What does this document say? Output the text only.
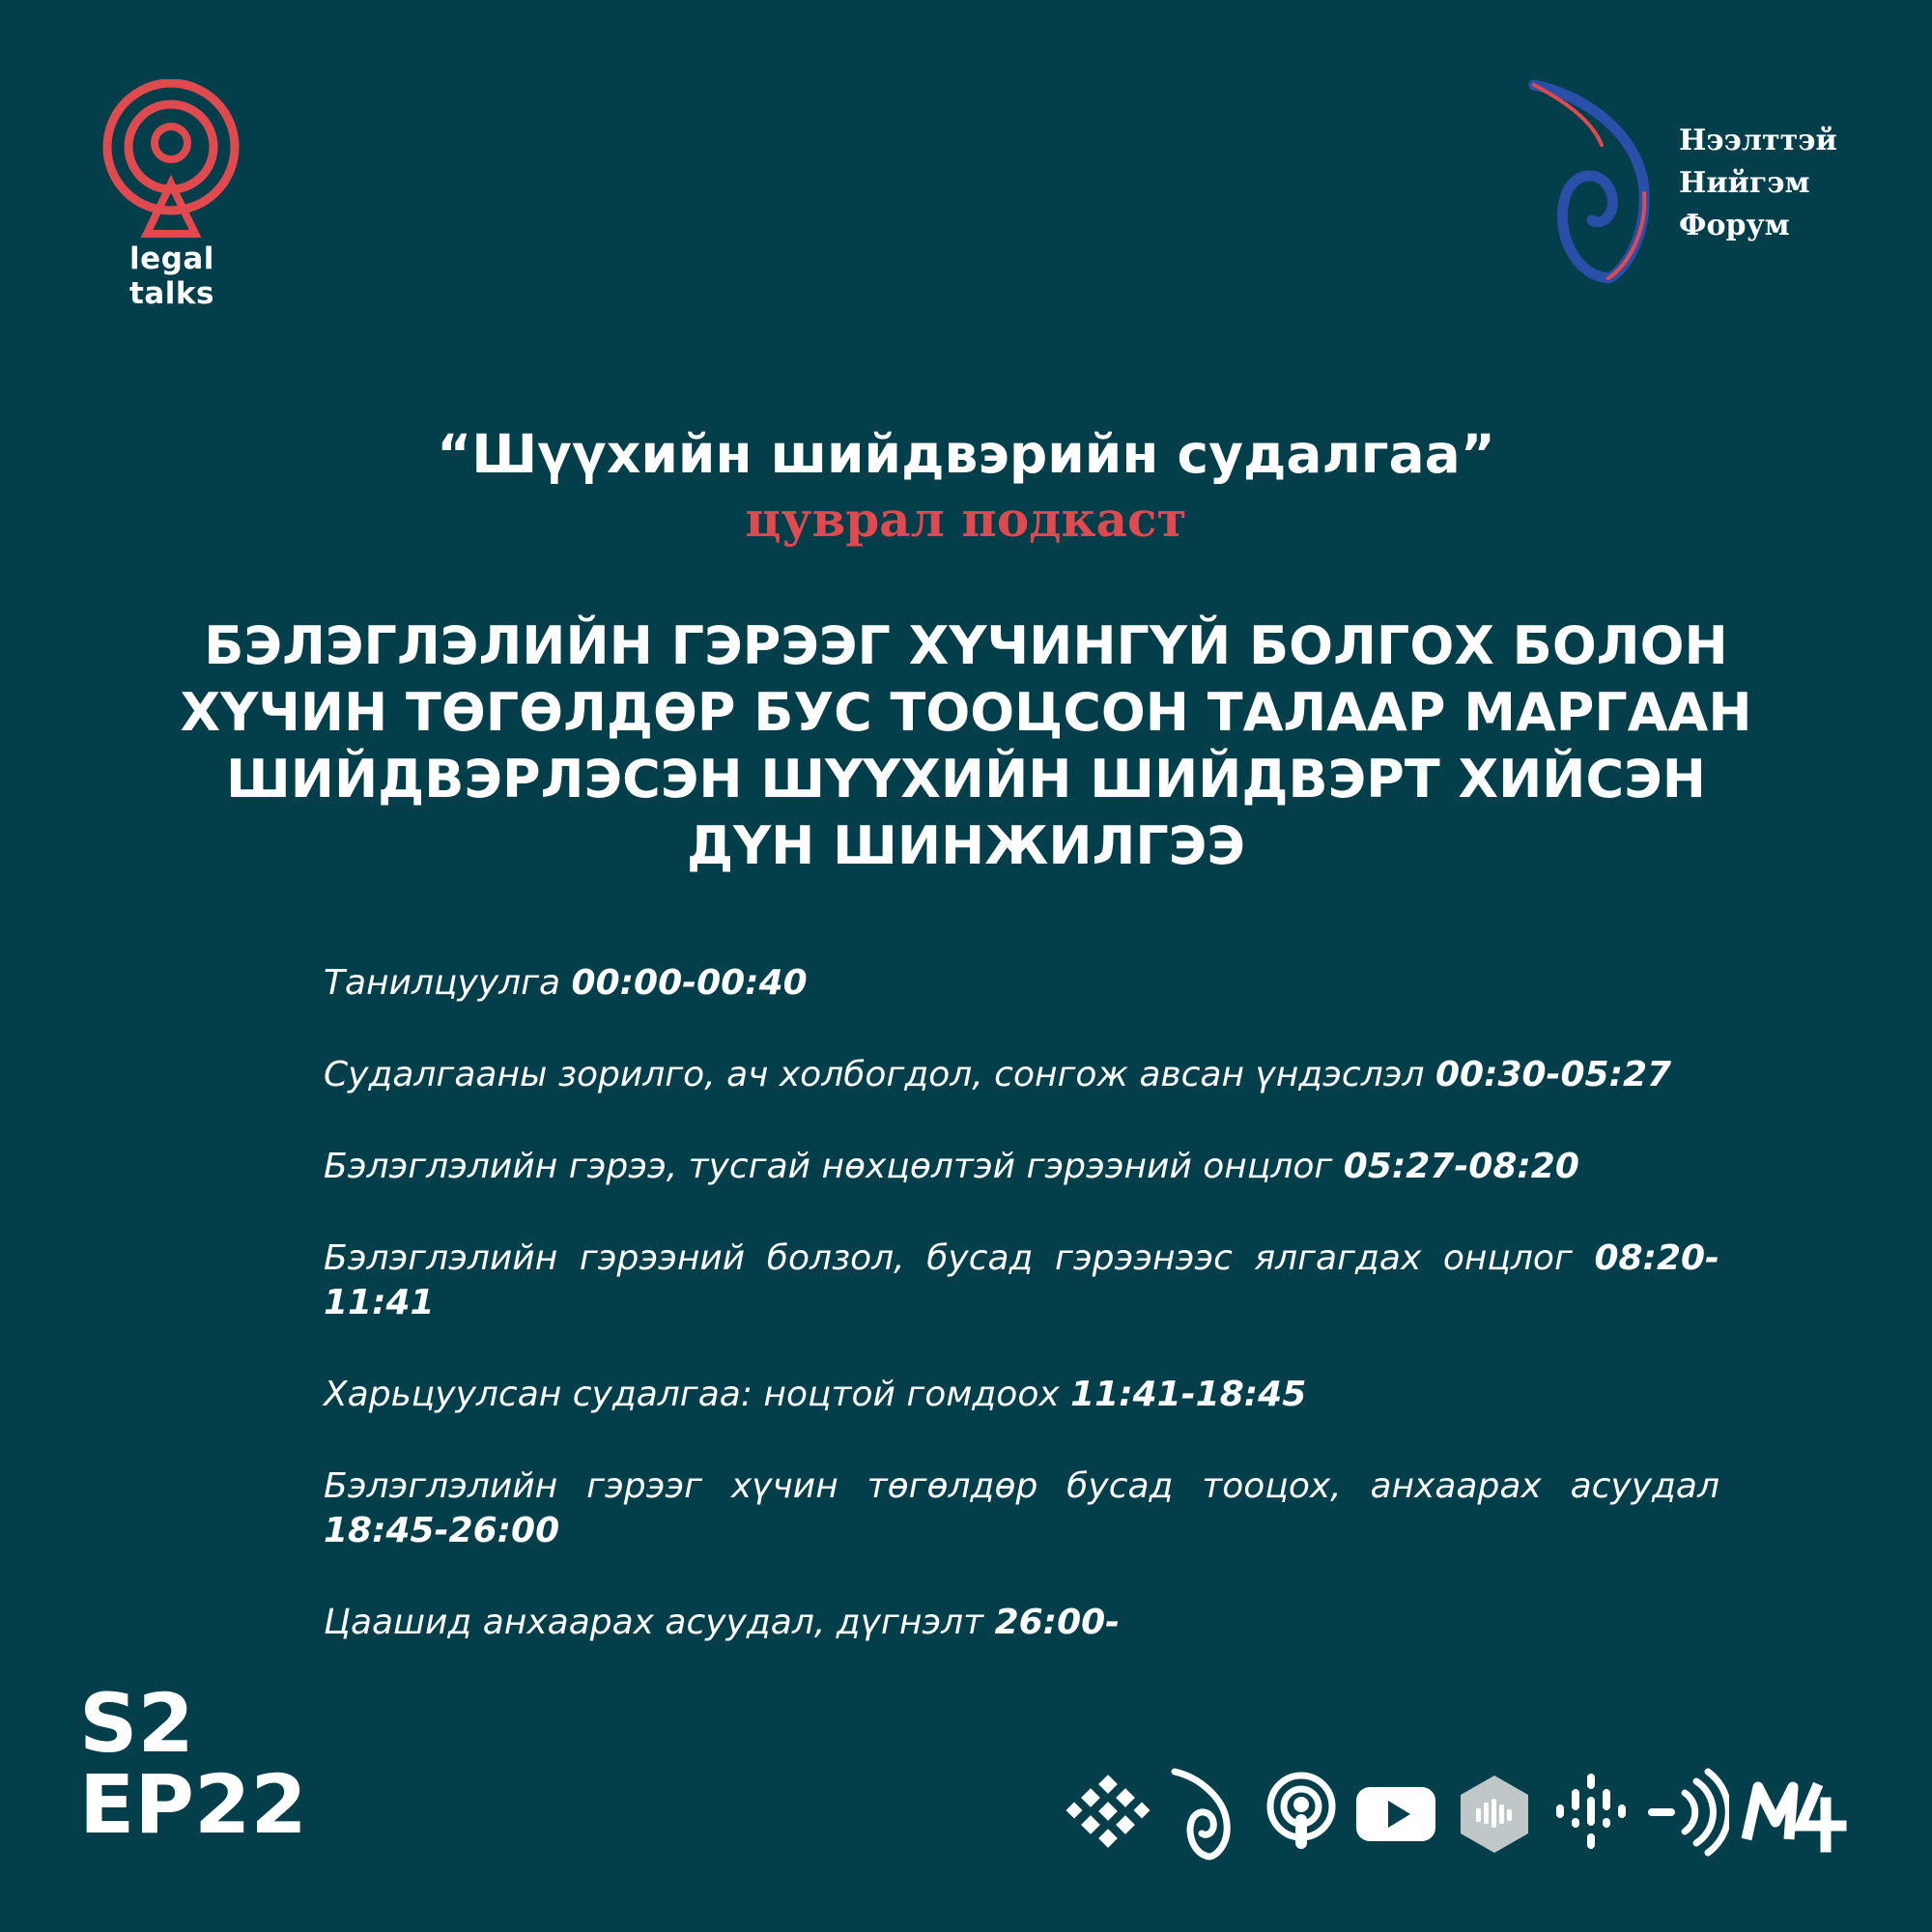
legal talks
Нээлттэй
Нийгэм
Форум
“Шүүхийн шийдвэрийн судалгаа”
цуврал подкаст
БЭЛЭГЛЭЛИЙН ГЭРЭЭГ ХҮЧИНГҮЙ БОЛГОХ БОЛОН ХҮЧИН ТӨГӨЛДӨР БУС ТООЦСОН ТАЛААР МАРГААН ШИЙДВЭРЛЭСЭН ШҮҮХИЙН ШИЙДВЭРТ ХИЙСЭН ДҮН ШИНЖИЛГЭЭ
Танилцуулга 00:00-00:40
Судалгааны зорилго, ач холбогдол, сонгож авсан үндэслэл 00:30-05:27
Бэлэглэлийн гэрээ, тусгай нөхцөлтэй гэрээний онцлог 05:27-08:20
Бэлэглэлийн гэрээний болзол, бусад гэрээнээс ялгагдах онцлог 08:20-11:41
Харьцуулсан судалгаа: ноцтой гомдоох 11:41-18:45
Бэлэглэлийн гэрээг хүчин төгөлдөр бусад тооцох, анхаарах асуудал 18:45-26:00
Цаашид анхаарах асуудал, дүгнэлт 26:00-
S2
EP22
